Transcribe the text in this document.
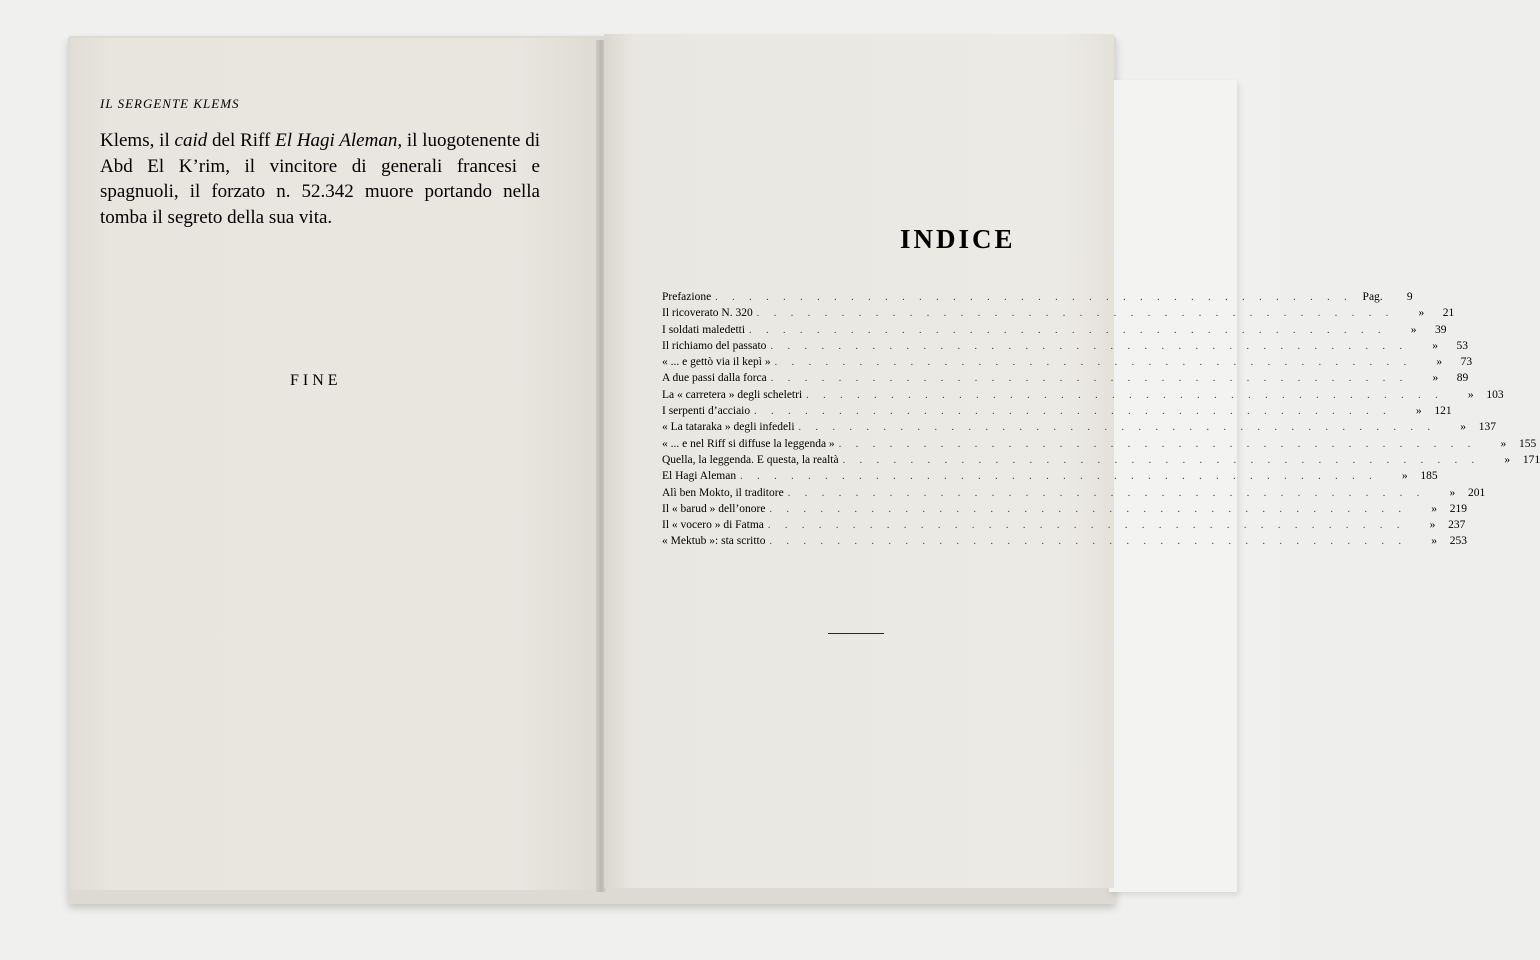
IL SERGENTE KLEMS
Klems, il caid del Riff El Hagi Aleman, il luogotenente di Abd El K’rim, il vincitore di generali francesi e spagnuoli, il forzato n. 52.342 muore portando nella tomba il segreto della sua vita.
FINE
INDICE
Prefazione . . . . . . . . . . . . . . . . . . . . . . . . . . . . . . . . . . . . . . Pag.	9
Il ricoverato N. 320 . . . . . . . . . . . . . . . . . . . . . . . . . . . . . . . . . . . . . .	»	21
I soldati maledetti . . . . . . . . . . . . . . . . . . . . . . . . . . . . . . . . . . . . . .	»	39
Il richiamo del passato . . . . . . . . . . . . . . . . . . . . . . . . . . . . . . . . . . . . . .	»	53
« ... e gettò via il kepì » . . . . . . . . . . . . . . . . . . . . . . . . . . . . . . . . . . . . . .	»	73
A due passi dalla forca . . . . . . . . . . . . . . . . . . . . . . . . . . . . . . . . . . . . . .	»	89
La « carretera » degli scheletri . . . . . . . . . . . . . . . . . . . . . . . . . . . . . . . . . . . . . .	»	103
I serpenti d’acciaio . . . . . . . . . . . . . . . . . . . . . . . . . . . . . . . . . . . . . .	»	121
« La tataraka » degli infedeli . . . . . . . . . . . . . . . . . . . . . . . . . . . . . . . . . . . . . .	»	137
« ... e nel Riff si diffuse la leggenda » . . . . . . . . . . . . . . . . . . . . . . . . . . . . . . . . . . . . . .	»	155
Quella, la leggenda. E questa, la realtà . . . . . . . . . . . . . . . . . . . . . . . . . . . . . . . . . . . . . .	»	171
El Hagi Aleman . . . . . . . . . . . . . . . . . . . . . . . . . . . . . . . . . . . . . .	»	185
Alì ben Mokto, il traditore . . . . . . . . . . . . . . . . . . . . . . . . . . . . . . . . . . . . . .	»	201
Il « barud » dell’onore . . . . . . . . . . . . . . . . . . . . . . . . . . . . . . . . . . . . . .	»	219
Il « vocero » di Fatma . . . . . . . . . . . . . . . . . . . . . . . . . . . . . . . . . . . . . .	»	237
« Mektub »: sta scritto . . . . . . . . . . . . . . . . . . . . . . . . . . . . . . . . . . . . . .	»	253
